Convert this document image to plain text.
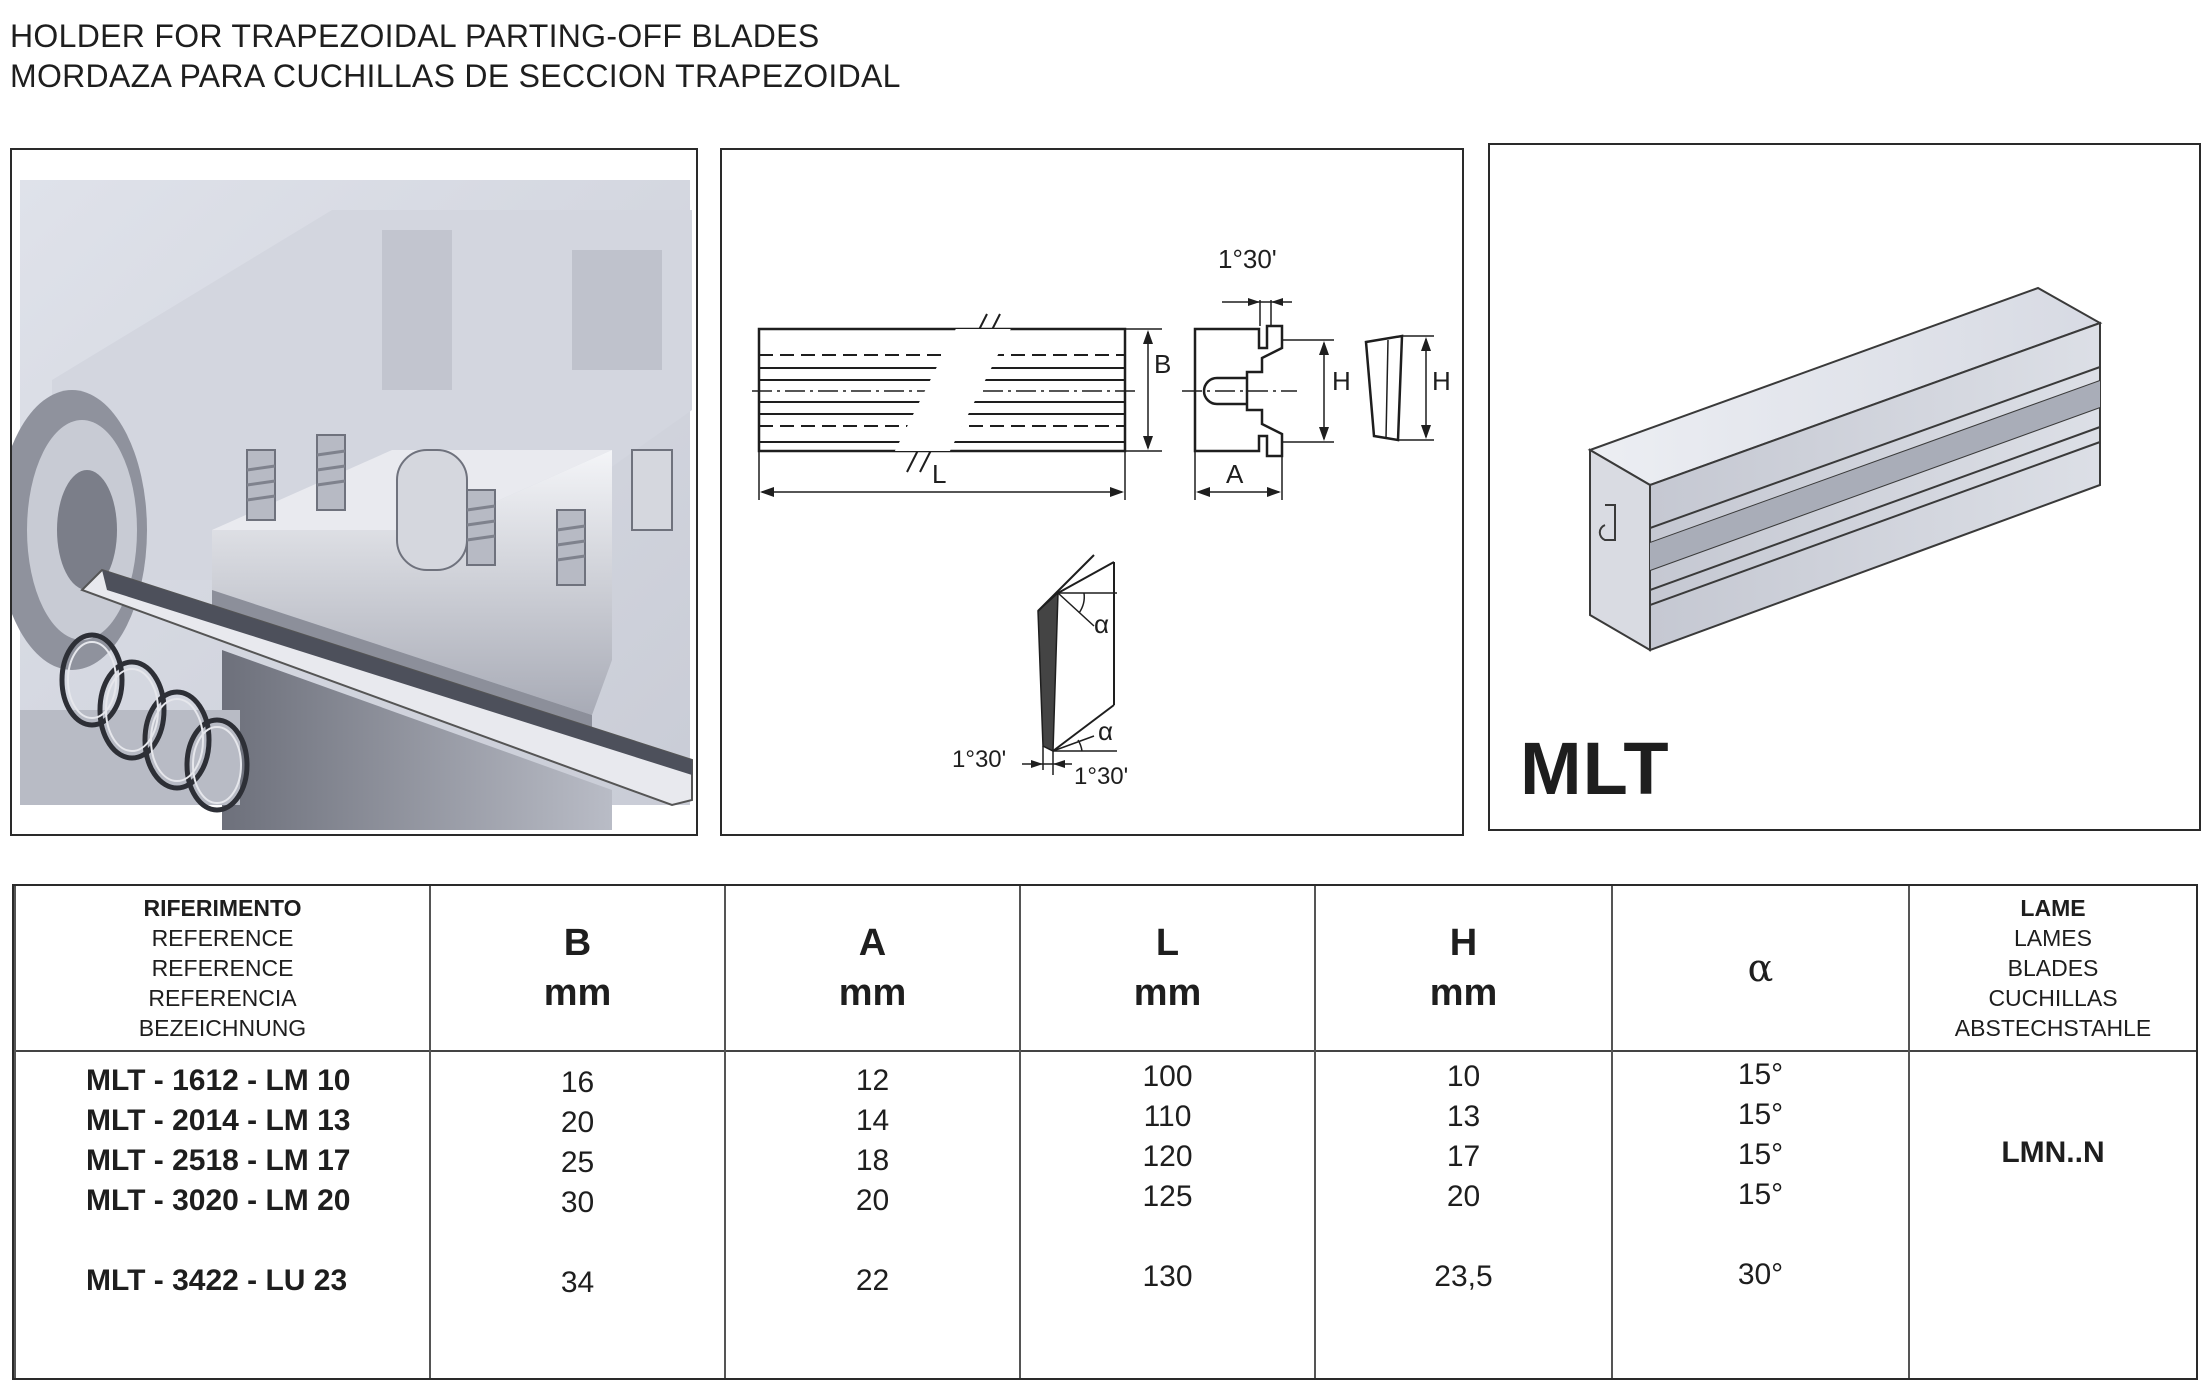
HOLDER FOR TRAPEZOIDAL PARTING-OFF BLADES
MORDAZA PARA CUCHILLAS DE SECCION TRAPEZOIDAL
B
L
1°30'
H
A
H
α
α
1°30'
1°30'	MLT
RIFERIMENTO
REFERENCE
REFERENCE
REFERENCIA
BEZEICHNUNG
MLT - 1612 - LM 10
MLT - 2014 - LM 13
MLT - 2518 - LM 17
MLT - 3020 - LM 20
MLT - 3422 - LU 23
B
mm
16
20
25
30
34
A
mm
12
14
18
20
22
L
mm
100
110
120
125
130
H
mm
10
13
17
20
23,5
α
15°
15°
15°
15°
30°
LAME
LAMES
BLADES
CUCHILLAS
ABSTECHSTAHLE
LMN..N
